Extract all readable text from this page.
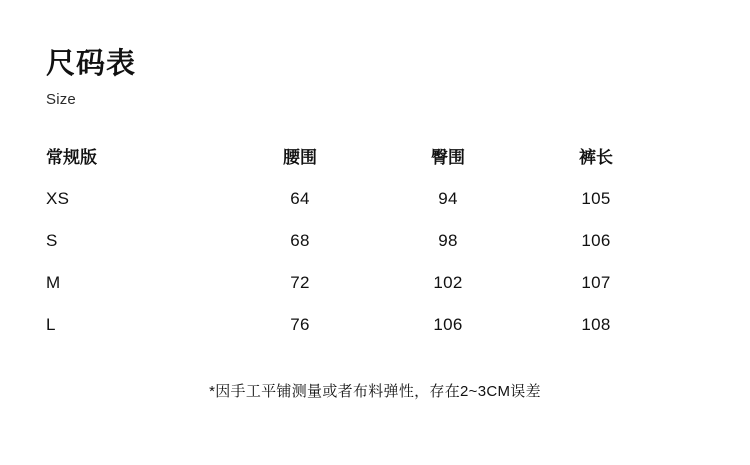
尺码表
Size
常规版	腰围	臀围	裤长
XS	64	94	105
S	68	98	106
M	72	102	107
L	76	106	108
*因手工平铺测量或者布料弹性，存在2~3CM误差
